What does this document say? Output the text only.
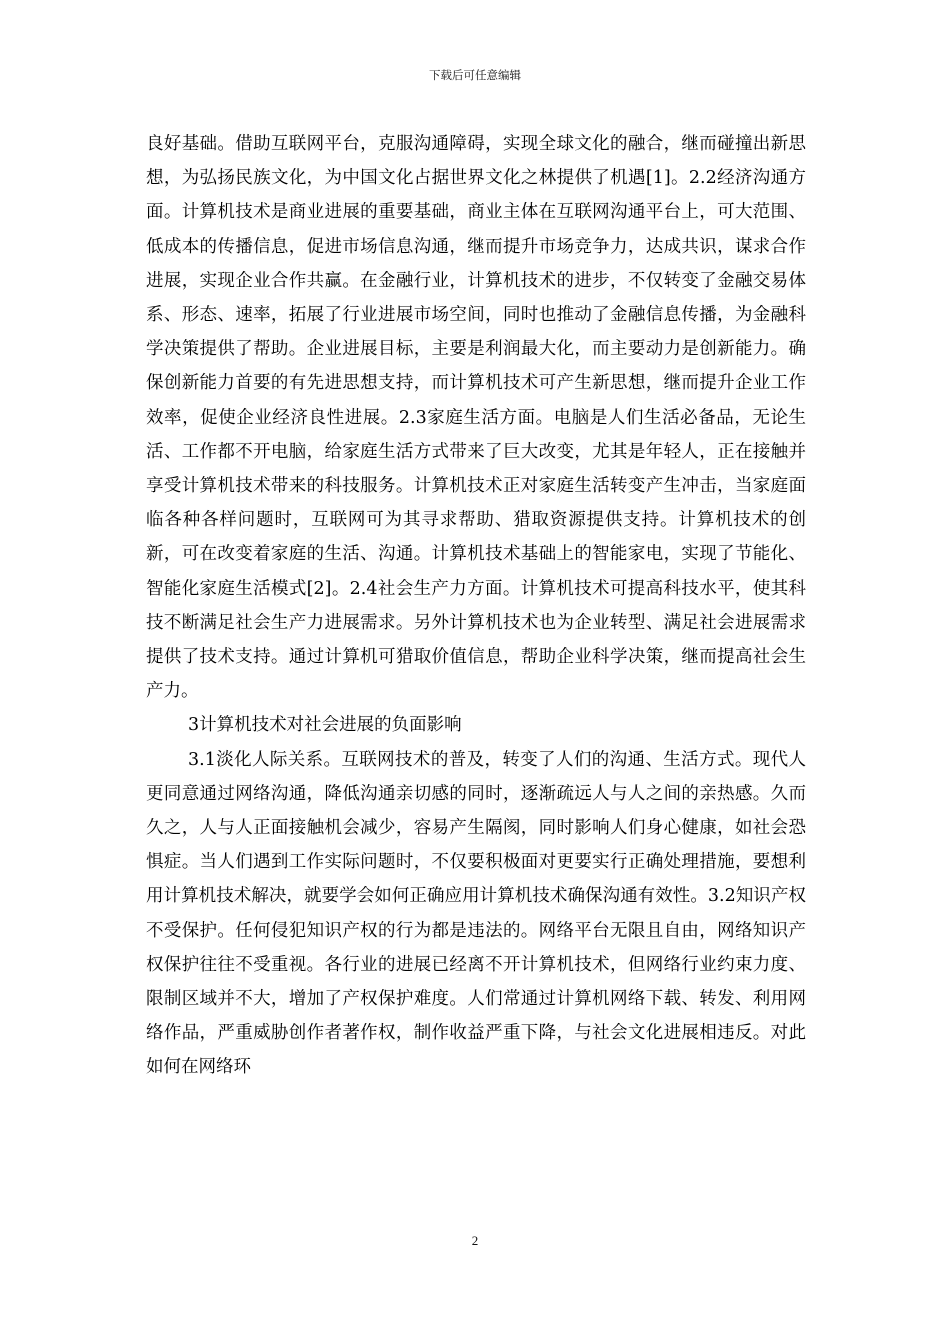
下载后可任意编辑

良好基础。借助互联网平台，克服沟通障碍，实现全球文化的融合，继而碰撞出新思想，为弘扬民族文化，为中国文化占据世界文化之林提供了机遇[1]。2.2经济沟通方面。计算机技术是商业进展的重要基础，商业主体在互联网沟通平台上，可大范围、低成本的传播信息，促进市场信息沟通，继而提升市场竞争力，达成共识，谋求合作进展，实现企业合作共赢。在金融行业，计算机技术的进步，不仅转变了金融交易体系、形态、速率，拓展了行业进展市场空间，同时也推动了金融信息传播，为金融科学决策提供了帮助。企业进展目标，主要是利润最大化，而主要动力是创新能力。确保创新能力首要的有先进思想支持，而计算机技术可产生新思想，继而提升企业工作效率，促使企业经济良性进展。2.3家庭生活方面。电脑是人们生活必备品，无论生活、工作都不开电脑，给家庭生活方式带来了巨大改变，尤其是年轻人，正在接触并享受计算机技术带来的科技服务。计算机技术正对家庭生活转变产生冲击，当家庭面临各种各样问题时，互联网可为其寻求帮助、猎取资源提供支持。计算机技术的创新，可在改变着家庭的生活、沟通。计算机技术基础上的智能家电，实现了节能化、智能化家庭生活模式[2]。2.4社会生产力方面。计算机技术可提高科技水平，使其科技不断满足社会生产力进展需求。另外计算机技术也为企业转型、满足社会进展需求提供了技术支持。通过计算机可猎取价值信息，帮助企业科学决策，继而提高社会生产力。

3计算机技术对社会进展的负面影响

3.1淡化人际关系。互联网技术的普及，转变了人们的沟通、生活方式。现代人更同意通过网络沟通，降低沟通亲切感的同时，逐渐疏远人与人之间的亲热感。久而久之，人与人正面接触机会减少，容易产生隔阂，同时影响人们身心健康，如社会恐惧症。当人们遇到工作实际问题时，不仅要积极面对更要实行正确处理措施，要想利用计算机技术解决，就要学会如何正确应用计算机技术确保沟通有效性。3.2知识产权不受保护。任何侵犯知识产权的行为都是违法的。网络平台无限且自由，网络知识产权保护往往不受重视。各行业的进展已经离不开计算机技术，但网络行业约束力度、限制区域并不大，增加了产权保护难度。人们常通过计算机网络下载、转发、利用网络作品，严重威胁创作者著作权，制作收益严重下降，与社会文化进展相违反。对此如何在网络环

2
